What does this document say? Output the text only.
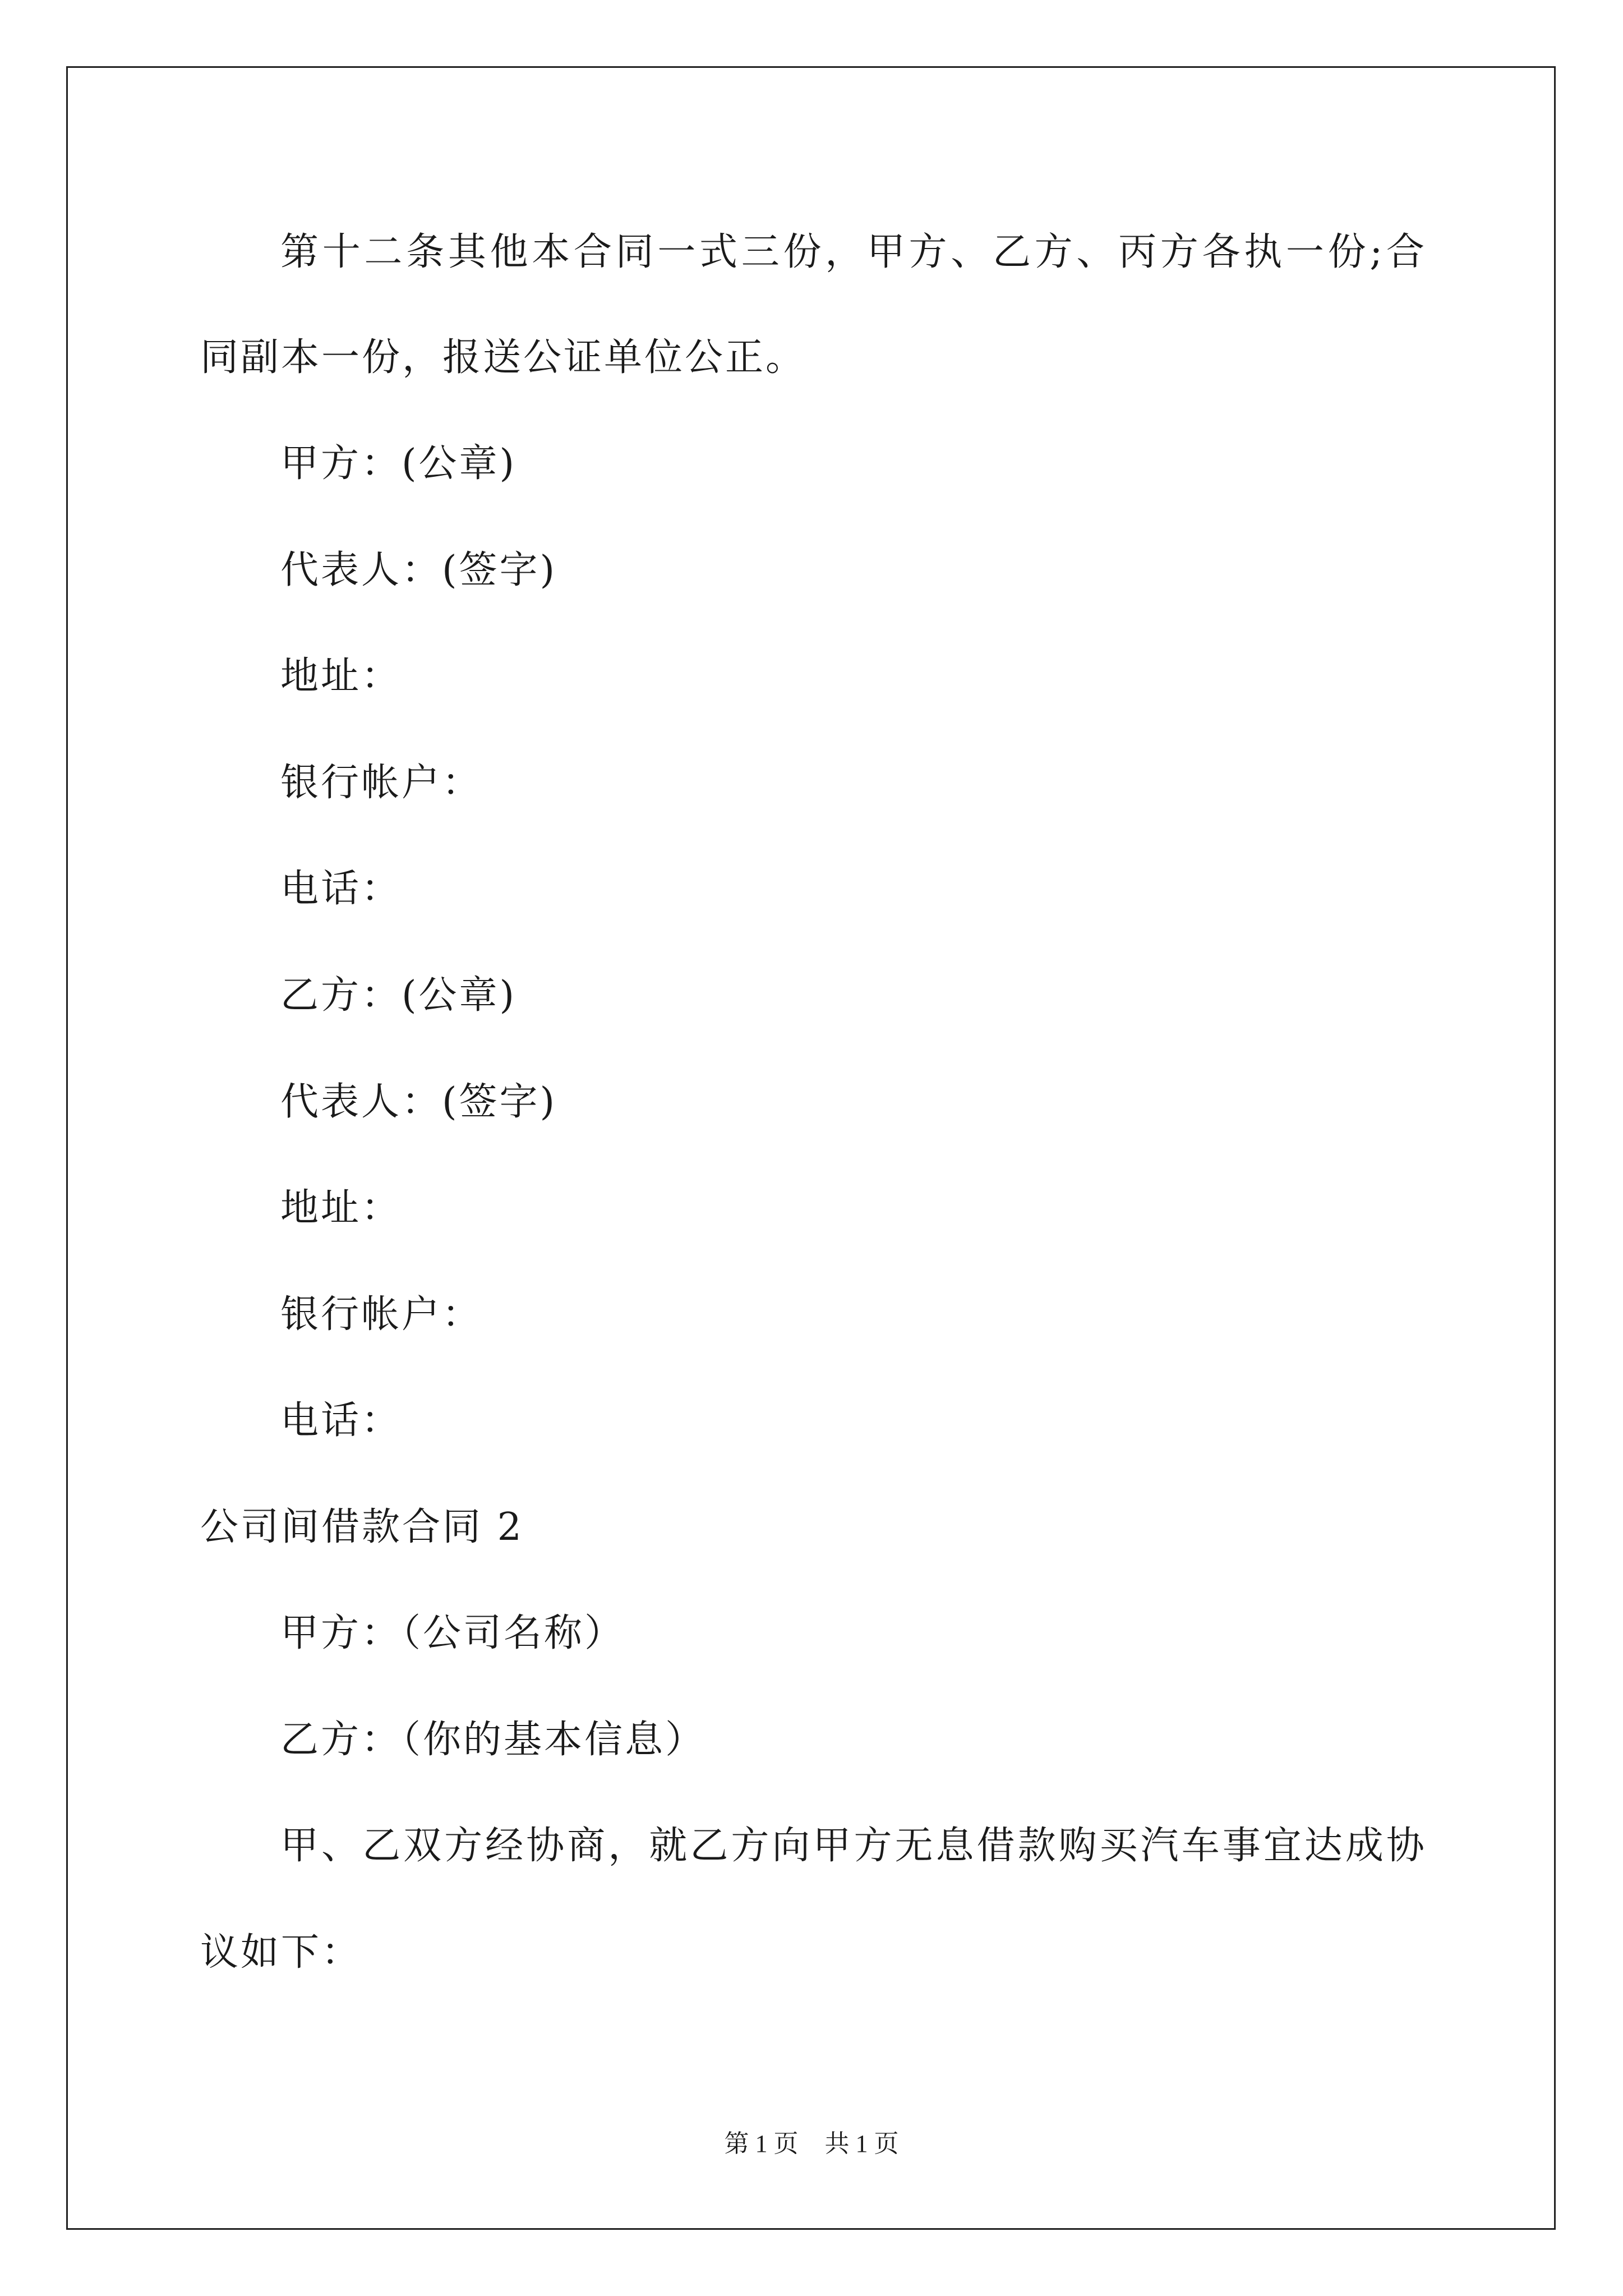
第 十 二 条 其 他 本 合 同 一 式 三 份 ， 甲 方 、 乙 方 、 丙 方 各 执 一 份 ; 合
同副本一份，报送公证单位公正。
甲方：(公章)
代表人：(签字)
地址：
银行帐户：
电话：
乙方：(公章)
代表人：(签字)
地址：
银行帐户：
电话：
公司间借款合同 2
甲方：（公司名称）
乙方：（你的基本信息）
甲 、 乙 双 方 经 协 商 ， 就 乙 方 向 甲 方 无 息 借 款 购 买 汽 车 事 宜 达 成 协
议如下：
第 1 页 共 1 页
